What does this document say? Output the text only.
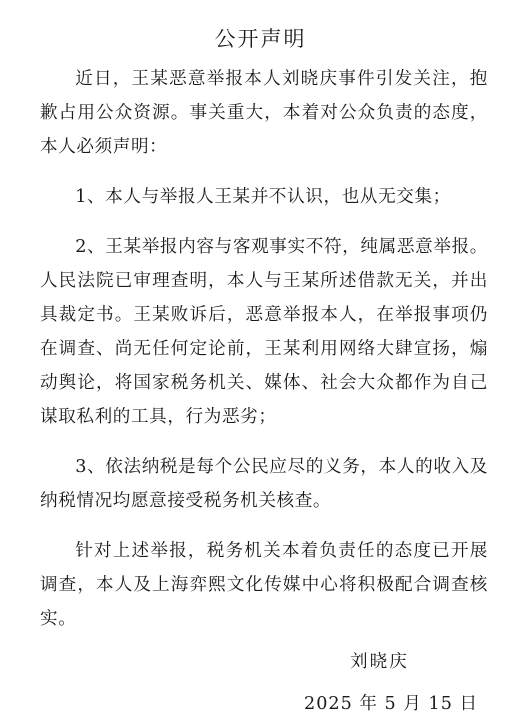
公开声明

近日，王某恶意举报本人刘晓庆事件引发关注，抱歉占用公众资源。事关重大，本着对公众负责的态度，本人必须声明：

1、本人与举报人王某并不认识，也从无交集；

2、王某举报内容与客观事实不符，纯属恶意举报。人民法院已审理查明，本人与王某所述借款无关，并出具裁定书。王某败诉后，恶意举报本人，在举报事项仍在调查、尚无任何定论前，王某利用网络大肆宣扬，煽动舆论，将国家税务机关、媒体、社会大众都作为自己谋取私利的工具，行为恶劣；

3、依法纳税是每个公民应尽的义务，本人的收入及纳税情况均愿意接受税务机关核查。

针对上述举报，税务机关本着负责任的态度已开展调查，本人及上海弈熙文化传媒中心将积极配合调查核实。

刘晓庆
2025 年 5 月 15 日
